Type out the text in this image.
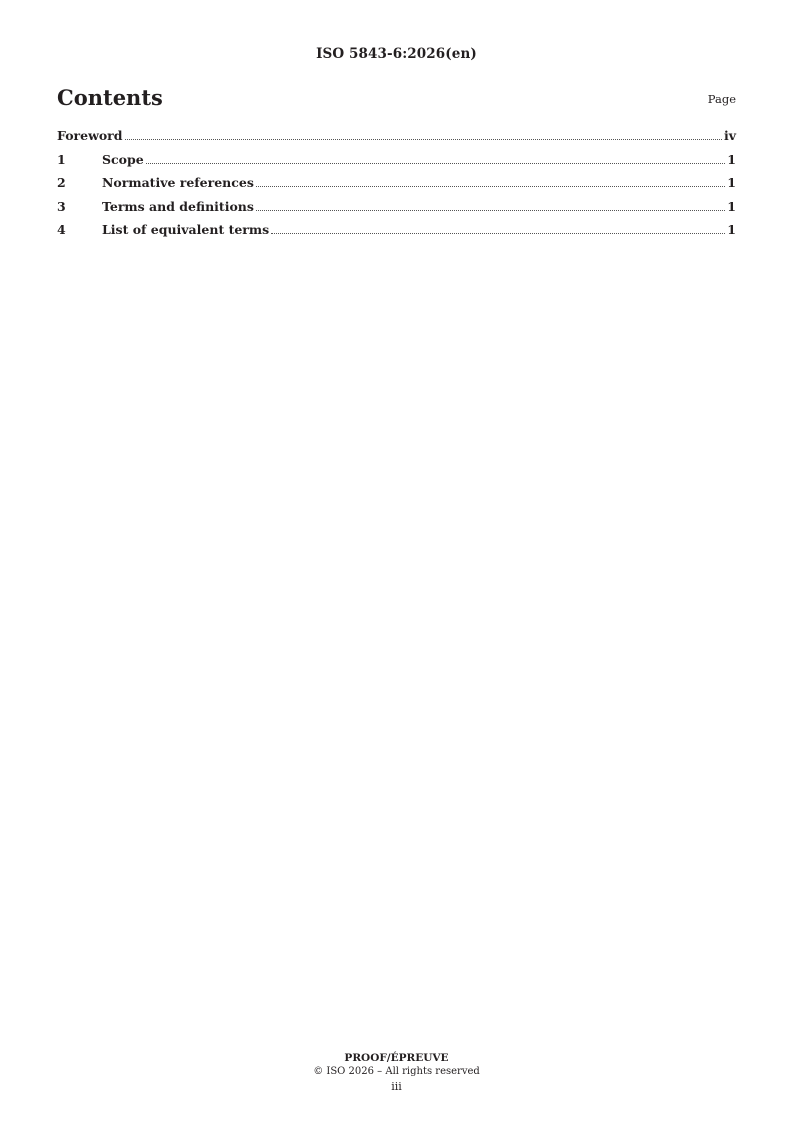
ISO 5843-6:2026(en)
Contents	Page
Foreword	iv
1	Scope	1
2	Normative references	1
3	Terms and definitions	1
4	List of equivalent terms	1
PROOF/ÉPREUVE
© ISO 2026 – All rights reserved
iii
